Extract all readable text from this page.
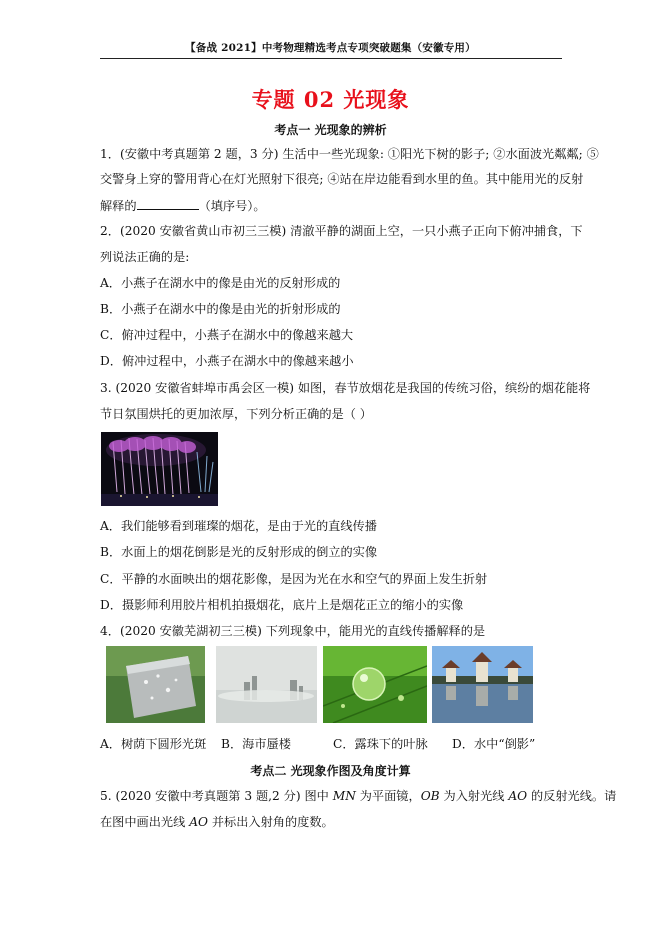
【备战 2021】中考物理精选考点专项突破题集（安徽专用）
专题 02 光现象
考点一 光现象的辨析
1．(安徽中考真题第 2 题，3 分) 生活中一些光现象: ①阳光下树的影子; ②水面波光粼粼; ⑤
交警身上穿的警用背心在灯光照射下很亮; ④站在岸边能看到水里的鱼。其中能用光的反射
解释的	（填序号）。
2．(2020 安徽省黄山市初三三模) 清澈平静的湖面上空，一只小燕子正向下俯冲捕食，下
列说法正确的是:
A．小燕子在湖水中的像是由光的反射形成的
B．小燕子在湖水中的像是由光的折射形成的
C．俯冲过程中，小燕子在湖水中的像越来越大
D．俯冲过程中，小燕子在湖水中的像越来越小
3. (2020 安徽省蚌埠市禹会区一模) 如图，春节放烟花是我国的传统习俗，缤纷的烟花能将
节日氛围烘托的更加浓厚，下列分析正确的是（ ）
A．我们能够看到璀璨的烟花，是由于光的直线传播
B．水面上的烟花倒影是光的反射形成的倒立的实像
C．平静的水面映出的烟花影像，是因为光在水和空气的界面上发生折射
D．摄影师利用胶片相机拍摄烟花，底片上是烟花正立的缩小的实像
4．(2020 安徽芜湖初三三模) 下列现象中，能用光的直线传播解释的是
A．树荫下圆形光斑 B．海市蜃楼	C．露珠下的叶脉 D．水中“倒影”
考点二 光现象作图及角度计算
5. (2020 安徽中考真题第 3 题,2 分) 图中 MN 为平面镜，OB 为入射光线 AO 的反射光线。请
在图中画出光线 AO 并标出入射角的度数。
